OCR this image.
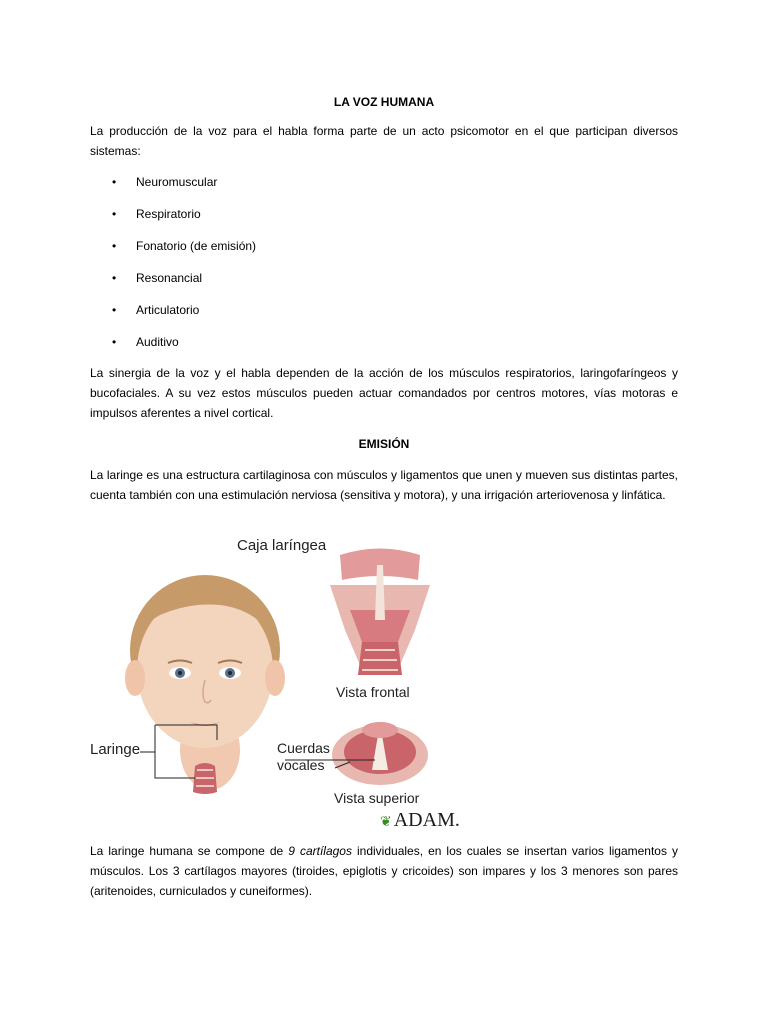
LA VOZ HUMANA

La producción de la voz para el habla forma parte de un acto psicomotor en el que participan diversos sistemas:

• Neuromuscular
• Respiratorio
• Fonatorio (de emisión)
• Resonancial
• Articulatorio
• Auditivo

La sinergia de la voz y el habla dependen de la acción de los músculos respiratorios, laringofaríngeos y bucofaciales. A su vez estos músculos pueden actuar comandados por centros motores, vías motoras e impulsos aferentes a nivel cortical.

EMISIÓN

La laringe es una estructura cartilaginosa con músculos y ligamentos que unen y mueven sus distintas partes, cuenta también con una estimulación nerviosa (sensitiva y motora), y una irrigación arteriovenosa y linfática.

Caja laríngea
Vista frontal
Laringe	Cuerdas
vocales
Vista superior
❦ ADAM.

La laringe humana se compone de 9 cartílagos individuales, en los cuales se insertan varios ligamentos y músculos. Los 3 cartílagos mayores (tiroides, epiglotis y cricoides) son impares y los 3 menores son pares (aritenoides, curniculados y cuneiformes).
